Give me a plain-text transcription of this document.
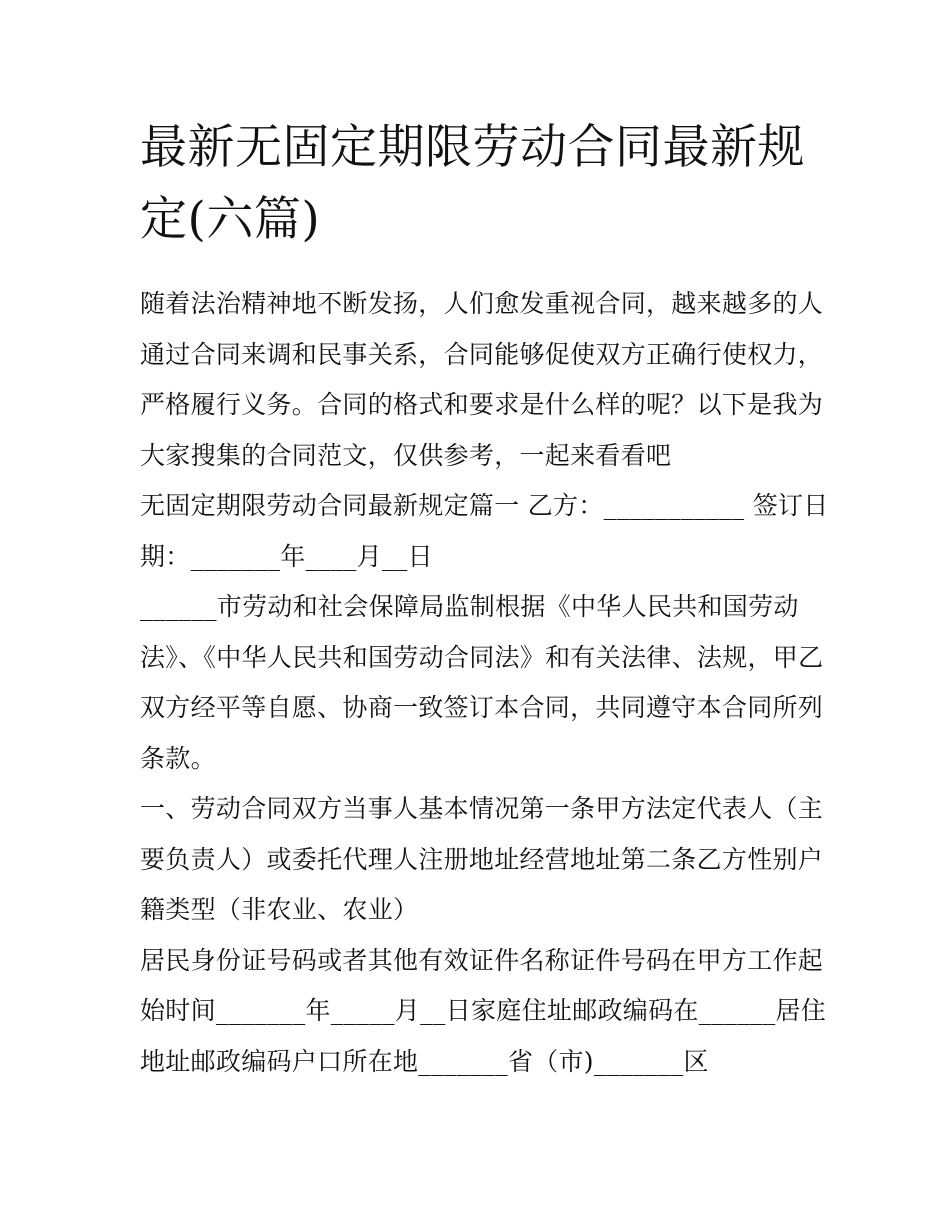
最新无固定期限劳动合同最新规定(六篇)

随着法治精神地不断发扬，人们愈发重视合同，越来越多的人通过合同来调和民事关系，合同能够促使双方正确行使权力，严格履行义务。合同的格式和要求是什么样的呢？以下是我为大家搜集的合同范文，仅供参考，一起来看看吧

无固定期限劳动合同最新规定篇一 乙方：___________ 签订日期：_______年____月__日

______市劳动和社会保障局监制根据《中华人民共和国劳动法》、《中华人民共和国劳动合同法》和有关法律、法规，甲乙双方经平等自愿、协商一致签订本合同，共同遵守本合同所列条款。

一、劳动合同双方当事人基本情况第一条甲方法定代表人（主要负责人）或委托代理人注册地址经营地址第二条乙方性别户籍类型（非农业、农业）

居民身份证号码或者其他有效证件名称证件号码在甲方工作起始时间_______年_____月__日家庭住址邮政编码在______居住地址邮政编码户口所在地_______省（市)_______区
